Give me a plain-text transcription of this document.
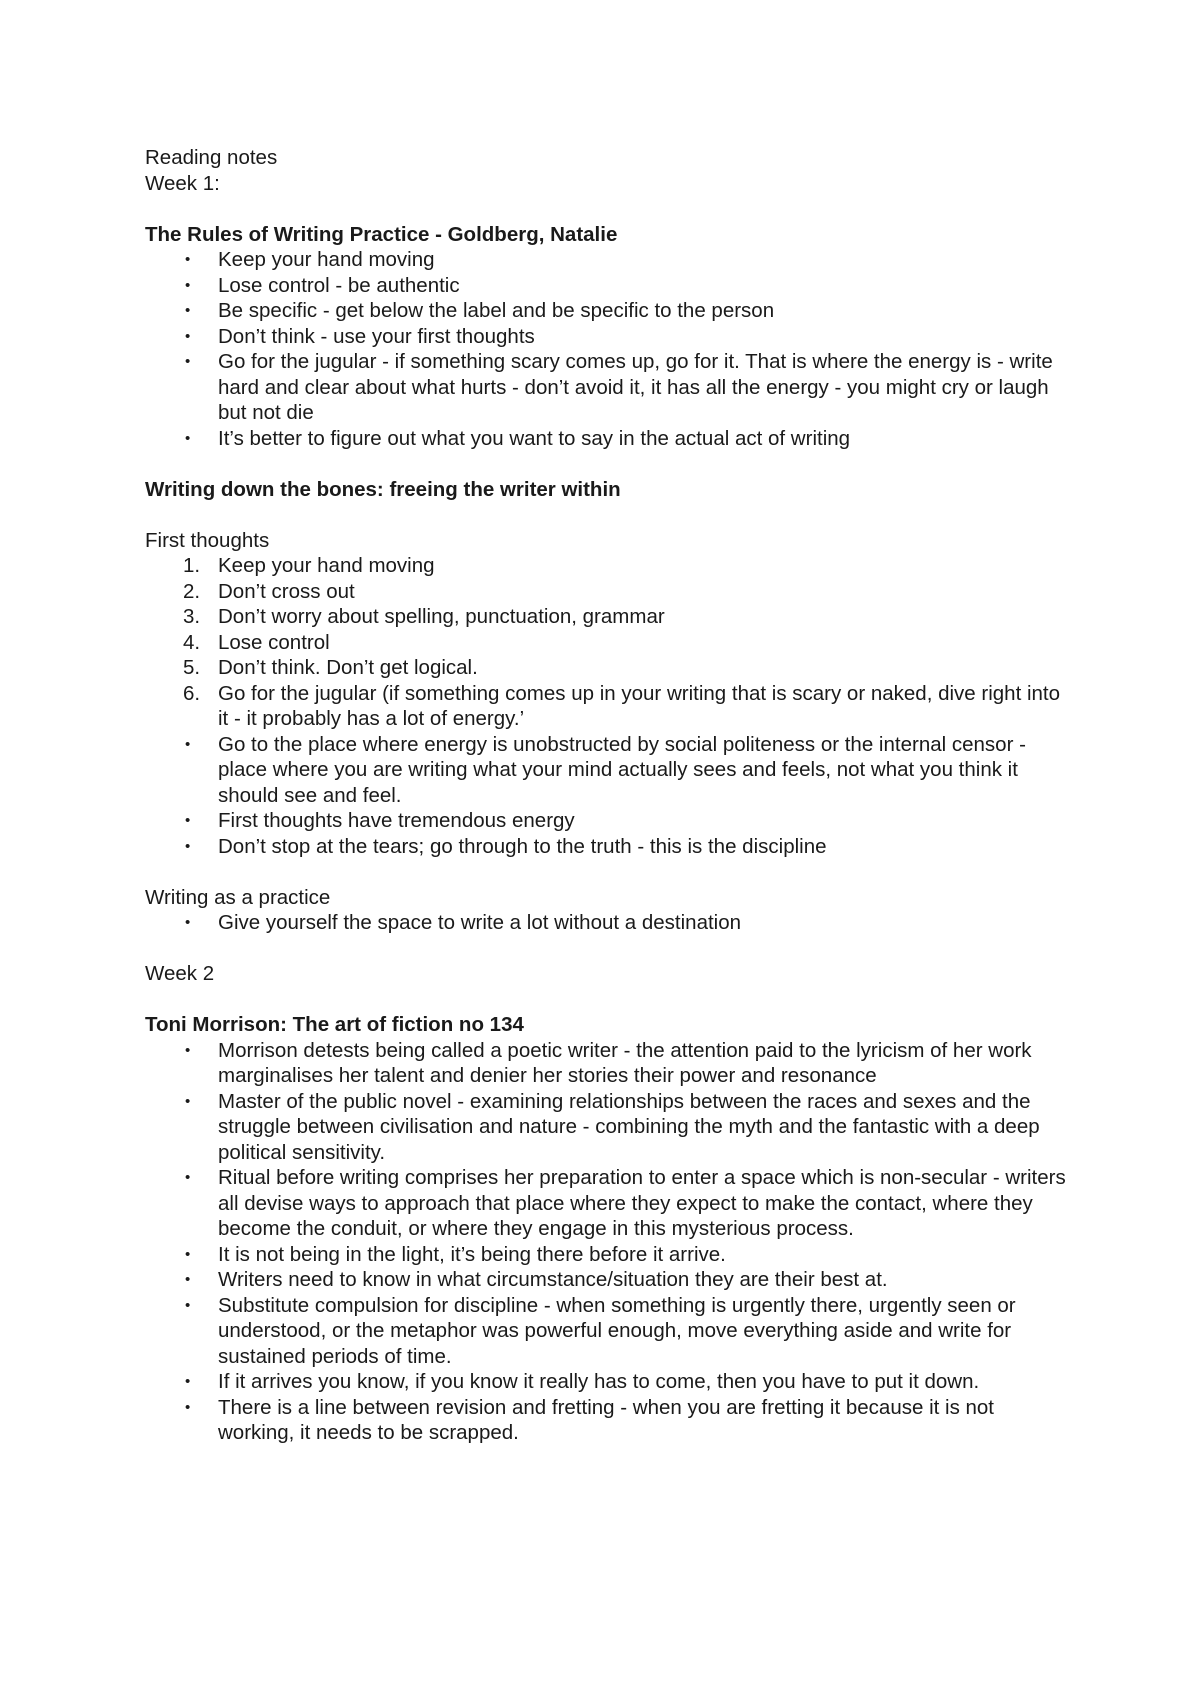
Reading notes

Week 1:

The Rules of Writing Practice - Goldberg, Natalie

•	Keep your hand moving
•	Lose control - be authentic
•	Be specific - get below the label and be specific to the person
•	Don’t think - use your first thoughts
•	Go for the jugular - if something scary comes up, go for it. That is where the energy is - write hard and clear about what hurts - don’t avoid it, it has all the energy - you might cry or laugh but not die
•	It’s better to figure out what you want to say in the actual act of writing

Writing down the bones: freeing the writer within

First thoughts

1. Keep your hand moving
2. Don’t cross out
3. Don’t worry about spelling, punctuation, grammar
4. Lose control
5. Don’t think. Don’t get logical.
6. Go for the jugular (if something comes up in your writing that is scary or naked, dive right into it - it probably has a lot of energy.’
•	Go to the place where energy is unobstructed by social politeness or the internal censor - place where you are writing what your mind actually sees and feels, not what you think it should see and feel.
•	First thoughts have tremendous energy
•	Don’t stop at the tears; go through to the truth - this is the discipline

Writing as a practice

•	Give yourself the space to write a lot without a destination

Week 2

Toni Morrison: The art of fiction no 134

•	Morrison detests being called a poetic writer - the attention paid to the lyricism of her work marginalises her talent and denier her stories their power and resonance
•	Master of the public novel - examining relationships between the races and sexes and the struggle between civilisation and nature - combining the myth and the fantastic with a deep political sensitivity.
•	Ritual before writing comprises her preparation to enter a space which is non-secular - writers all devise ways to approach that place where they expect to make the contact, where they become the conduit, or where they engage in this mysterious process.
•	It is not being in the light, it’s being there before it arrive.
•	Writers need to know in what circumstance/situation they are their best at.
•	Substitute compulsion for discipline - when something is urgently there, urgently seen or understood, or the metaphor was powerful enough, move everything aside and write for sustained periods of time.
•	If it arrives you know, if you know it really has to come, then you have to put it down.
•	There is a line between revision and fretting - when you are fretting it because it is not working, it needs to be scrapped.
